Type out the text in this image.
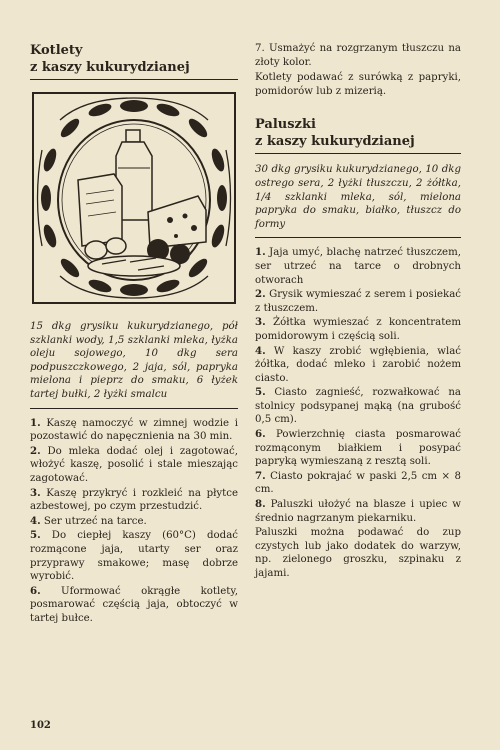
Kotlety
z kaszy kukurydzianej
15 dkg grysiku kukurydzianego, pół szklanki wody, 1,5 szklanki mleka, łyżka oleju sojowego, 10 dkg sera podpuszczkowego, 2 jaja, sól, papryka mielona i pieprz do smaku, 6 łyżek tartej bułki, 2 łyżki smalcu

1. Kaszę namoczyć w zimnej wodzie i pozostawić do napęcznienia na 30 min.

2. Do mleka dodać olej i zagotować, włożyć kaszę, posolić i stale mieszając zagotować.

3. Kaszę przykryć i rozkleić na płytce azbestowej, po czym przestudzić.

4. Ser utrzeć na tarce.

5. Do ciepłej kaszy (60°C) dodać rozmącone jaja, utarty ser oraz przyprawy smakowe; masę dobrze wyrobić.

6. Uformować okrągłe kotlety, posmarować częścią jaja, obtoczyć w tartej bułce.

7. Usmażyć na rozgrzanym tłuszczu na złoty kolor.

Kotlety podawać z surówką z papryki, pomidorów lub z mizerią.

Paluszki
z kaszy kukurydzianej
30 dkg grysiku kukurydzianego, 10 dkg ostrego sera, 2 łyżki tłuszczu, 2 żółtka, 1/4 szklanki mleka, sól, mielona papryka do smaku, białko, tłuszcz do formy

1. Jaja umyć, blachę natrzeć tłuszczem, ser utrzeć na tarce o drobnych otworach

2. Grysik wymieszać z serem i posiekać z tłuszczem.

3. Żółtka wymieszać z koncentratem pomidorowym i częścią soli.

4. W kaszy zrobić wgłębienia, wlać żółtka, dodać mleko i zarobić nożem ciasto.

5. Ciasto zagnieść, rozwałkować na stolnicy podsypanej mąką (na grubość 0,5 cm).

6. Powierzchnię ciasta posmarować rozmąconym białkiem i posypać papryką wymieszaną z resztą soli.

7. Ciasto pokrajać w paski 2,5 cm × 8 cm.

8. Paluszki ułożyć na blasze i upiec w średnio nagrzanym piekarniku.

Paluszki można podawać do zup czystych lub jako dodatek do warzyw, np. zielonego groszku, szpinaku z jajami.

102
